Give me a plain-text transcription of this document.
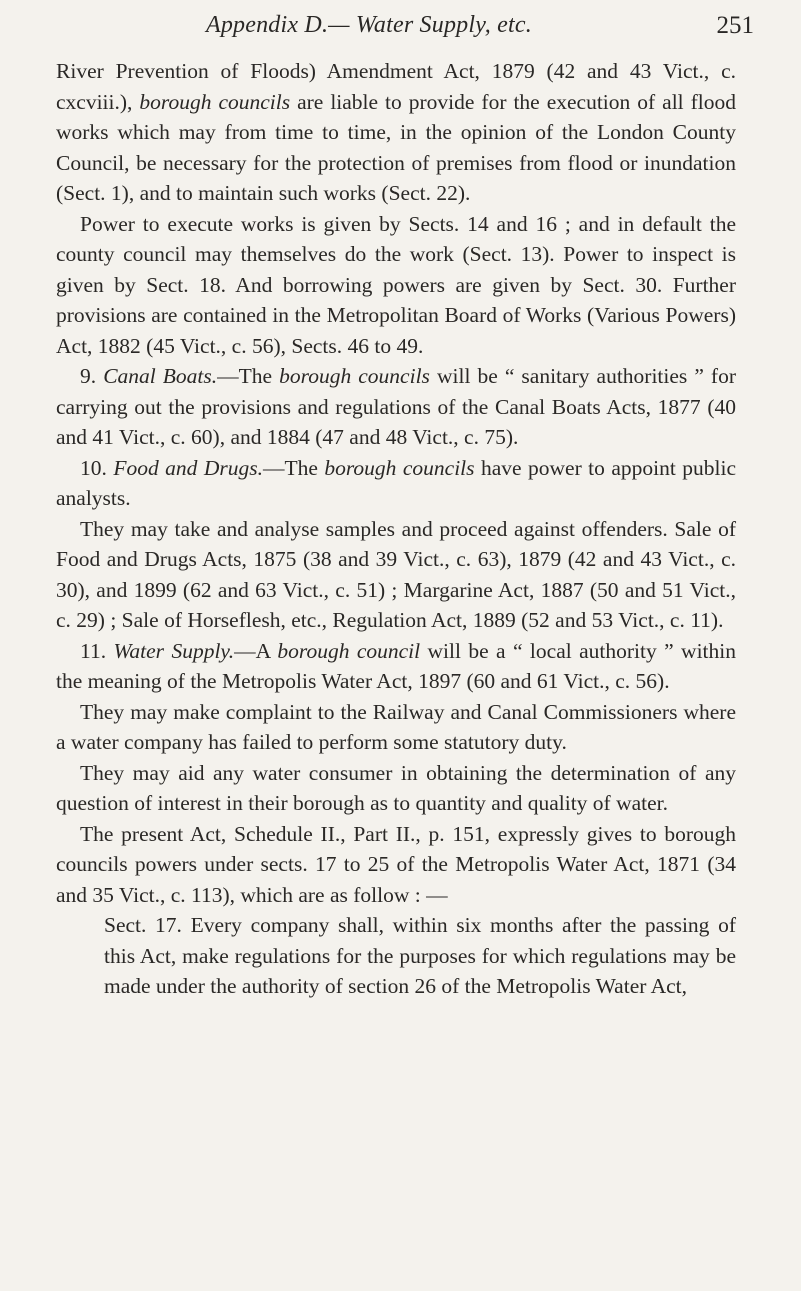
Appendix D.— Water Supply, etc.	251

River Prevention of Floods) Amendment Act, 1879 (42 and 43 Vict., c. cxcviii.), borough councils are liable to provide for the execution of all flood works which may from time to time, in the opinion of the London County Council, be necessary for the protection of premises from flood or inundation (Sect. 1), and to maintain such works (Sect. 22).

Power to execute works is given by Sects. 14 and 16 ; and in default the county council may themselves do the work (Sect. 13). Power to inspect is given by Sect. 18. And borrowing powers are given by Sect. 30. Further provisions are contained in the Metropolitan Board of Works (Various Powers) Act, 1882 (45 Vict., c. 56), Sects. 46 to 49.

9. Canal Boats.—The borough councils will be “ sanitary authorities ” for carrying out the provisions and regulations of the Canal Boats Acts, 1877 (40 and 41 Vict., c. 60), and 1884 (47 and 48 Vict., c. 75).

10. Food and Drugs.—The borough councils have power to appoint public analysts.

They may take and analyse samples and proceed against offenders. Sale of Food and Drugs Acts, 1875 (38 and 39 Vict., c. 63), 1879 (42 and 43 Vict., c. 30), and 1899 (62 and 63 Vict., c. 51) ; Margarine Act, 1887 (50 and 51 Vict., c. 29) ; Sale of Horseflesh, etc., Regulation Act, 1889 (52 and 53 Vict., c. 11).

11. Water Supply.—A borough council will be a “ local authority ” within the meaning of the Metropolis Water Act, 1897 (60 and 61 Vict., c. 56).

They may make complaint to the Railway and Canal Commissioners where a water company has failed to perform some statutory duty.

They may aid any water consumer in obtaining the determination of any question of interest in their borough as to quantity and quality of water.

The present Act, Schedule II., Part II., p. 151, expressly gives to borough councils powers under sects. 17 to 25 of the Metropolis Water Act, 1871 (34 and 35 Vict., c. 113), which are as follow : —

Sect. 17. Every company shall, within six months after the passing of this Act, make regulations for the purposes for which regulations may be made under the authority of section 26 of the Metropolis Water Act,
